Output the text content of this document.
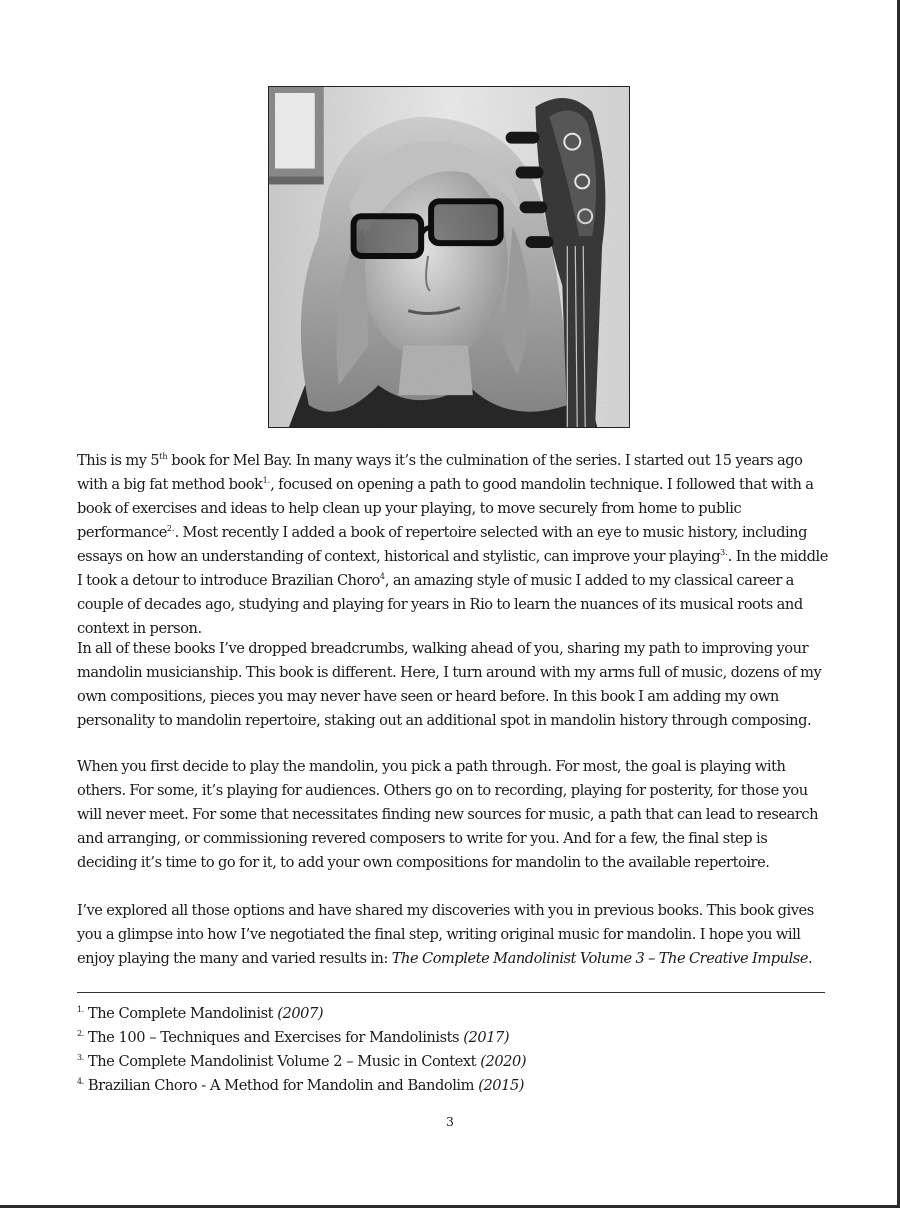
This is my 5th book for Mel Bay. In many ways it’s the culmination of the series. I started out 15 years ago with a big fat method book$^{1.}$, focused on opening a path to good mandolin technique. I followed that with a book of exercises and ideas to help clean up your playing, to move securely from home to public performance$^{2.}$. Most recently I added a book of repertoire selected with an eye to music history, including essays on how an understanding of context, historical and stylistic, can improve your playing$^{3.}$. In the middle I took a detour to introduce Brazilian Choro$^4$, an amazing style of music I added to my classical career a couple of decades ago, studying and playing for years in Rio to learn the nuances of its musical roots and context in person.

In all of these books I’ve dropped breadcrumbs, walking ahead of you, sharing my path to improving your mandolin musicianship. This book is different. Here, I turn around with my arms full of music, dozens of my own compositions, pieces you may never have seen or heard before. In this book I am adding my own personality to mandolin repertoire, staking out an additional spot in mandolin history through composing.

When you first decide to play the mandolin, you pick a path through. For most, the goal is playing with others. For some, it’s playing for audiences. Others go on to recording, playing for posterity, for those you will never meet. For some that necessitates finding new sources for music, a path that can lead to research and arranging, or commissioning revered composers to write for you. And for a few, the final step is deciding it’s time to go for it, to add your own compositions for mandolin to the available repertoire.

I’ve explored all those options and have shared my discoveries with you in previous books. This book gives you a glimpse into how I’ve negotiated the final step, writing original music for mandolin. I hope you will enjoy playing the many and varied results in: The Complete Mandolinist Volume 3 – The Creative Impulse.

$^{1.}$ The Complete Mandolinist (2007)
$^{2.}$ The 100 – Techniques and Exercises for Mandolinists (2017)
$^{3.}$ The Complete Mandolinist Volume 2 – Music in Context (2020)
$^{4.}$ Brazilian Choro - A Method for Mandolin and Bandolim (2015)
3
